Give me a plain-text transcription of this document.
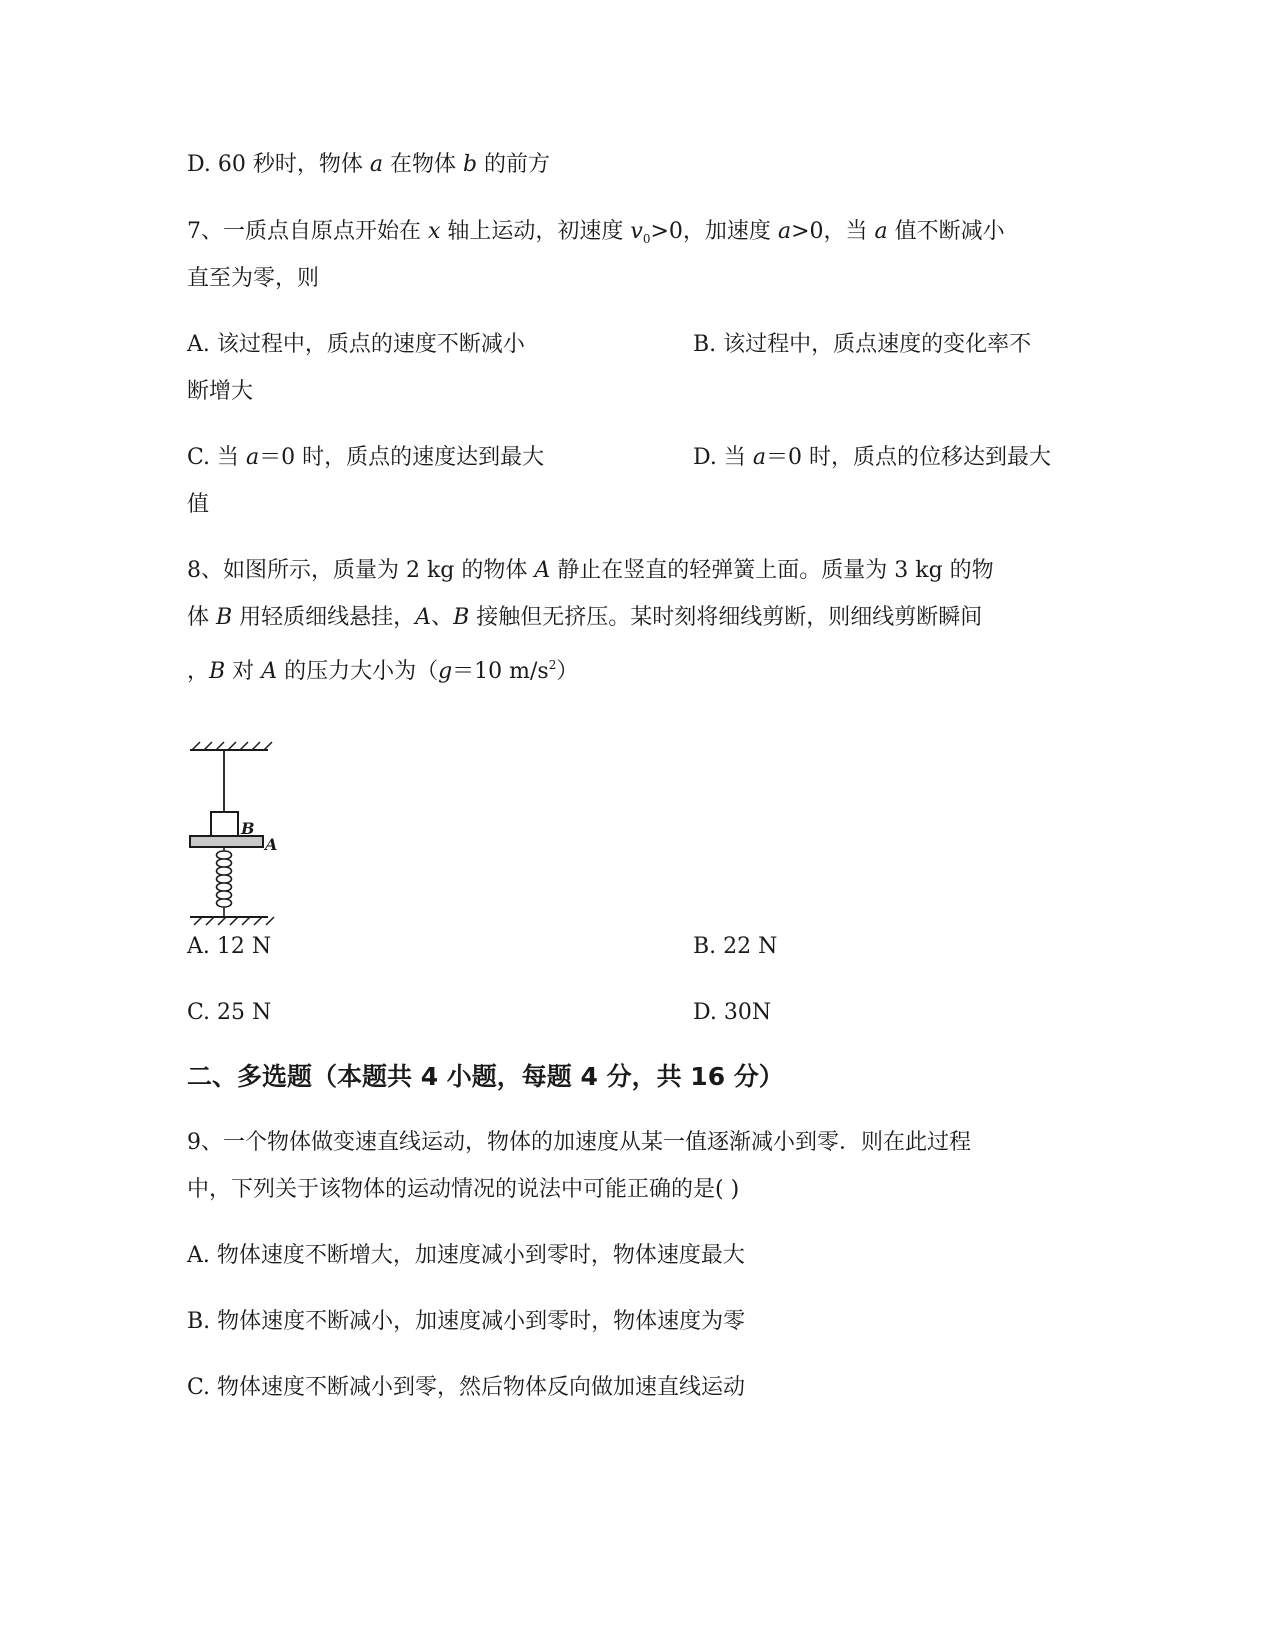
D. 60 秒时，物体 a 在物体 b 的前方
7、一质点自原点开始在 x 轴上运动，初速度 $v_0>0$，加速度 a>0，当 a 值不断减小
直至为零，则
A. 该过程中，质点的速度不断减小	B. 该过程中，质点速度的变化率不
断增大
C. 当 a＝0 时，质点的速度达到最大	D. 当 a＝0 时，质点的位移达到最大
值
8、如图所示，质量为 2 kg 的物体 A 静止在竖直的轻弹簧上面。质量为 3 kg 的物
体 B 用轻质细线悬挂，A、B 接触但无挤压。某时刻将细线剪断，则细线剪断瞬间
，B 对 A 的压力大小为（g＝10 $m/s^2$）
B
A
A. 12 N	B. 22 N
C. 25 N	D. 30N
二、多选题（本题共 4 小题，每题 4 分，共 16 分）
9、一个物体做变速直线运动，物体的加速度从某一值逐渐减小到零．则在此过程
中，下列关于该物体的运动情况的说法中可能正确的是( )
A. 物体速度不断增大，加速度减小到零时，物体速度最大
B. 物体速度不断减小，加速度减小到零时，物体速度为零
C. 物体速度不断减小到零，然后物体反向做加速直线运动
